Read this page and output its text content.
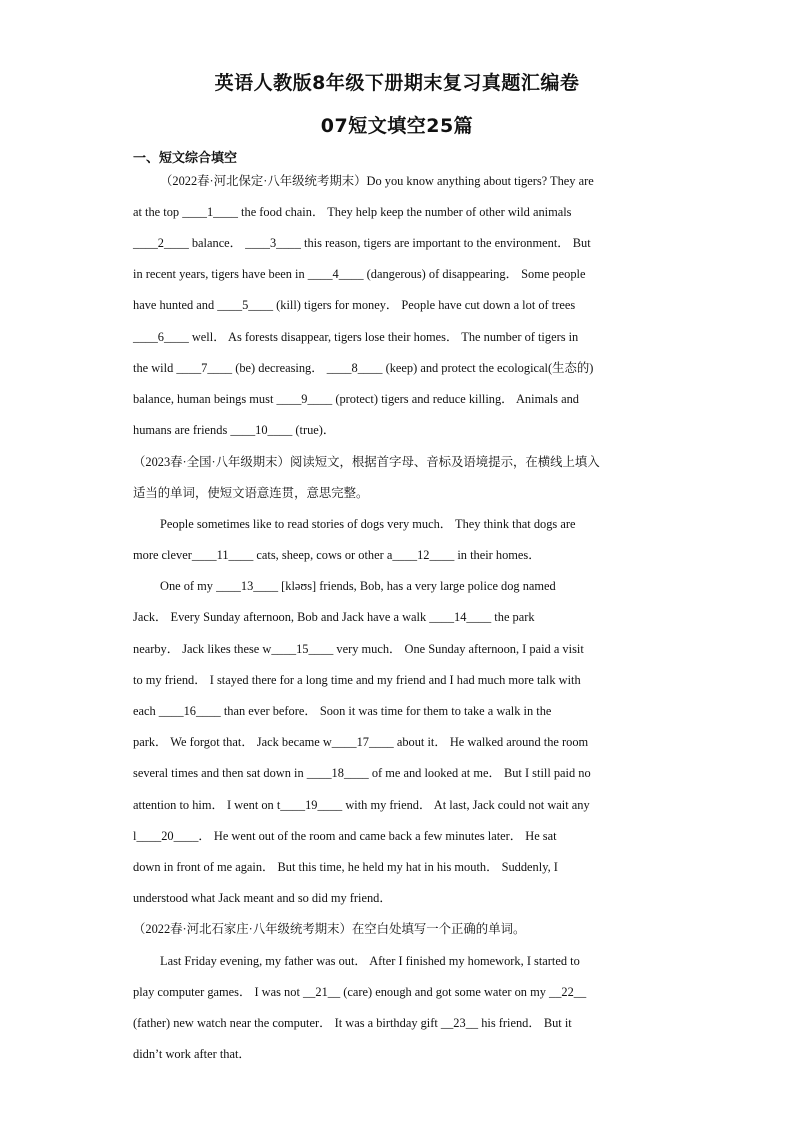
英语人教版8年级下册期末复习真题汇编卷
07短文填空25篇
一、短文综合填空
（2022春·河北保定·八年级统考期末）Do you know anything about tigers? They are
at the top ____1____ the food chain． They help keep the number of other wild animals
____2____ balance． ____3____ this reason, tigers are important to the environment． But
in recent years, tigers have been in ____4____ (dangerous) of disappearing． Some people
have hunted and ____5____ (kill) tigers for money． People have cut down a lot of trees
____6____ well． As forests disappear, tigers lose their homes． The number of tigers in
the wild ____7____ (be) decreasing． ____8____ (keep) and protect the ecological(生态的)
balance, human beings must ____9____ (protect) tigers and reduce killing． Animals and
humans are friends ____10____ (true)．
（2023春·全国·八年级期末）阅读短文，根据首字母、音标及语境提示，在横线上填入
适当的单词，使短文语意连贯，意思完整。
People sometimes like to read stories of dogs very much． They think that dogs are
more clever____11____ cats, sheep, cows or other a____12____ in their homes．
One of my ____13____ [kləʊs] friends, Bob, has a very large police dog named
Jack． Every Sunday afternoon, Bob and Jack have a walk ____14____ the park
nearby． Jack likes these w____15____ very much． One Sunday afternoon, I paid a visit
to my friend． I stayed there for a long time and my friend and I had much more talk with
each ____16____ than ever before． Soon it was time for them to take a walk in the
park． We forgot that． Jack became w____17____ about it． He walked around the room
several times and then sat down in ____18____ of me and looked at me． But I still paid no
attention to him． I went on t____19____ with my friend． At last, Jack could not wait any
l____20____． He went out of the room and came back a few minutes later． He sat
down in front of me again． But this time, he held my hat in his mouth． Suddenly, I
understood what Jack meant and so did my friend．
（2022春·河北石家庄·八年级统考期末）在空白处填写一个正确的单词。
Last Friday evening, my father was out． After I finished my homework, I started to
play computer games． I was not __21__ (care) enough and got some water on my __22__
(father) new watch near the computer． It was a birthday gift __23__ his friend． But it
didn’t work after that．
